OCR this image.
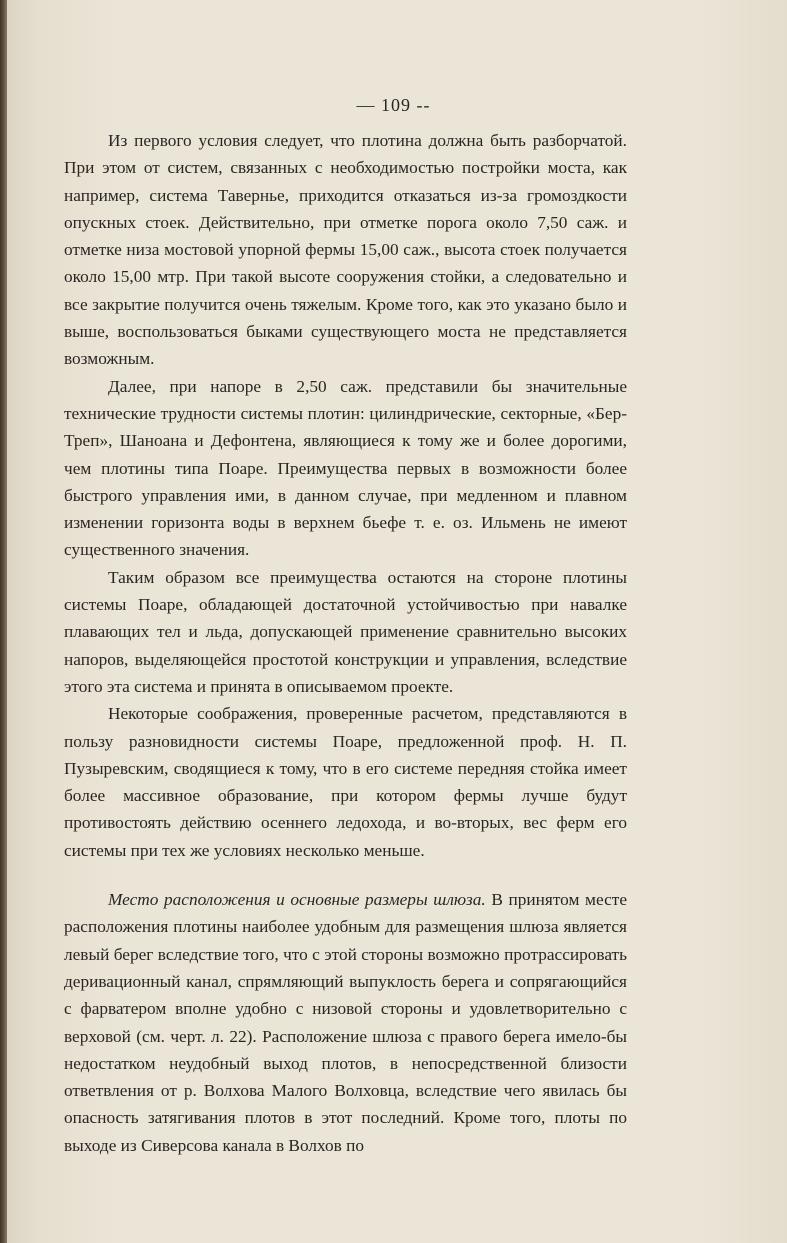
— 109 --

Из первого условия следует, что плотина должна быть разборчатой. При этом от систем, связанных с необходимостью постройки моста, как например, система Тавернье, приходится отказаться из-за громоздкости опускных стоек. Действительно, при отметке порога около 7,50 саж. и отметке низа мостовой упорной фермы 15,00 саж., высота стоек получается около 15,00 мтр. При такой высоте сооружения стойки, а следовательно и все закрытие получится очень тяжелым. Кроме того, как это указано было и выше, воспользоваться быками существующего моста не представляется возможным.

Далее, при напоре в 2,50 саж. представили бы значительные технические трудности системы плотин: цилиндрические, секторные, «Бер-Треп», Шаноана и Дефонтена, являющиеся к тому же и более дорогими, чем плотины типа Поаре. Преимущества первых в возможности более быстрого управления ими, в данном случае, при медленном и плавном изменении горизонта воды в верхнем бьефе т. е. оз. Ильмень не имеют существенного значения.

Таким образом все преимущества остаются на стороне плотины системы Поаре, обладающей достаточной устойчивостью при навалке плавающих тел и льда, допускающей применение сравнительно высоких напоров, выделяющейся простотой конструкции и управления, вследствие этого эта система и принята в описываемом проекте.

Некоторые соображения, проверенные расчетом, представляются в пользу разновидности системы Поаре, предложенной проф. Н. П. Пузыревским, сводящиеся к тому, что в его системе передняя стойка имеет более массивное образование, при котором фермы лучше будут противостоять действию осеннего ледохода, и во-вторых, вес ферм его системы при тех же условиях несколько меньше.

Место расположения и основные размеры шлюза. В принятом месте расположения плотины наиболее удобным для размещения шлюза является левый берег вследствие того, что с этой стороны возможно протрассировать деривационный канал, спрямляющий выпуклость берега и сопрягающийся с фарватером вполне удобно с низовой стороны и удовлетворительно с верховой (см. черт. л. 22). Расположение шлюза с правого берега имело-бы недостатком неудобный выход плотов, в непосредственной близости ответвления от р. Волхова Малого Волховца, вследствие чего явилась бы опасность затягивания плотов в этот последний. Кроме того, плоты по выходе из Сиверсова канала в Волхов по
